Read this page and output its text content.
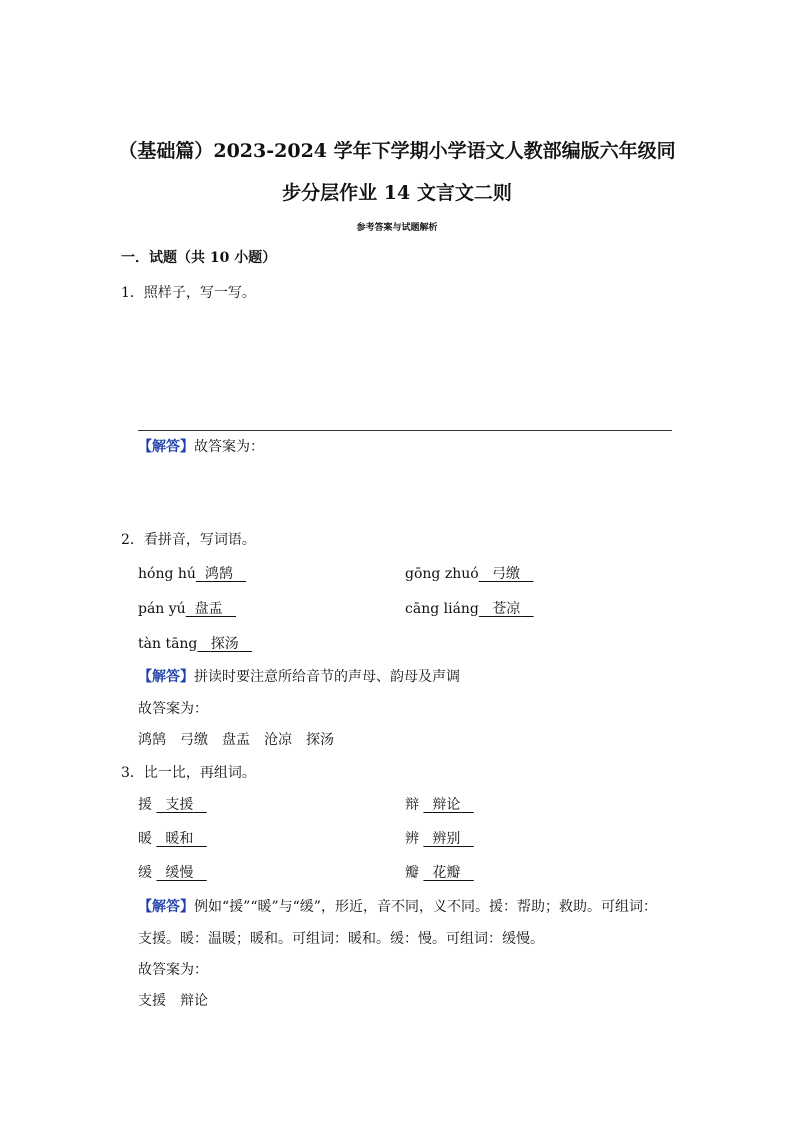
（基础篇）2023-2024 学年下学期小学语文人教部编版六年级同
步分层作业 14 文言文二则
参考答案与试题解析
一．试题（共 10 小题）
1．照样子，写一写。
【解答】故答案为：
2．看拼音，写词语。
hóng hú 鸿鹄	gōng zhuó 弓缴
pán yú 盘盂	cāng liáng 苍凉
tàn tāng 探汤
【解答】拼读时要注意所给音节的声母、韵母及声调
故答案为：
鸿鹄　弓缴　盘盂　沧凉　探汤
3．比一比，再组词。
援 支援	辩 辩论
暖 暖和	辨 辨别
缓 缓慢	瓣 花瓣
【解答】例如“援”“暖”与“缓”，形近，音不同，义不同。援：帮助；救助。可组词：
支援。暖：温暖；暖和。可组词：暖和。缓：慢。可组词：缓慢。
故答案为：
支援　辩论
